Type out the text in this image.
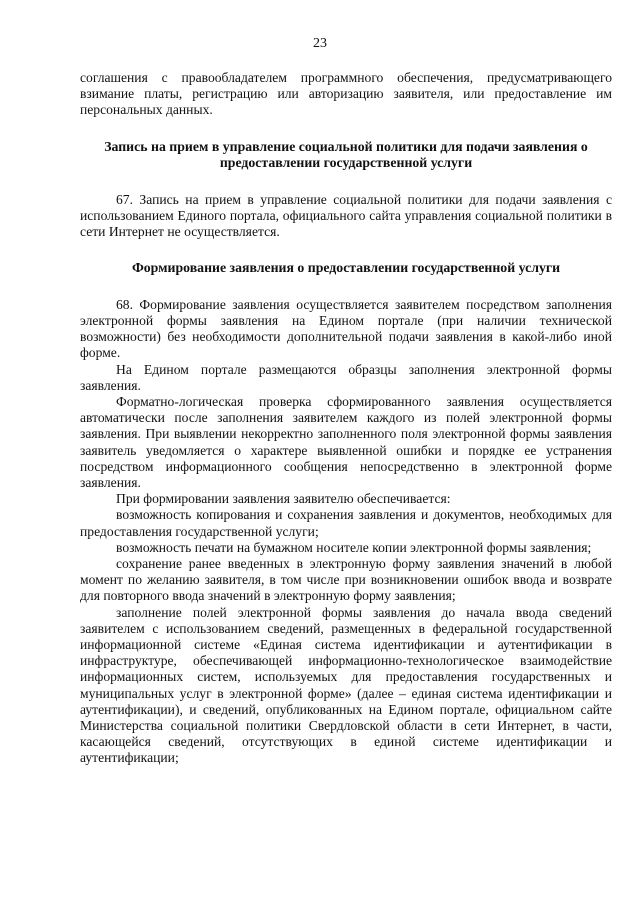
23

соглашения с правообладателем программного обеспечения, предусматривающего взимание платы, регистрацию или авторизацию заявителя, или предоставление им персональных данных.

Запись на прием в управление социальной политики для подачи заявления о предоставлении государственной услуги

67. Запись на прием в управление социальной политики для подачи заявления с использованием Единого портала, официального сайта управления социальной политики в сети Интернет не осуществляется.

Формирование заявления о предоставлении государственной услуги

68. Формирование заявления осуществляется заявителем посредством заполнения электронной формы заявления на Едином портале (при наличии технической возможности) без необходимости дополнительной подачи заявления в какой-либо иной форме.

На Едином портале размещаются образцы заполнения электронной формы заявления.

Форматно-логическая проверка сформированного заявления осуществляется автоматически после заполнения заявителем каждого из полей электронной формы заявления. При выявлении некорректно заполненного поля электронной формы заявления заявитель уведомляется о характере выявленной ошибки и порядке ее устранения посредством информационного сообщения непосредственно в электронной форме заявления.

При формировании заявления заявителю обеспечивается:

возможность копирования и сохранения заявления и документов, необходимых для предоставления государственной услуги;

возможность печати на бумажном носителе копии электронной формы заявления;

сохранение ранее введенных в электронную форму заявления значений в любой момент по желанию заявителя, в том числе при возникновении ошибок ввода и возврате для повторного ввода значений в электронную форму заявления;

заполнение полей электронной формы заявления до начала ввода сведений заявителем с использованием сведений, размещенных в федеральной государственной информационной системе «Единая система идентификации и аутентификации в инфраструктуре, обеспечивающей информационно-технологическое взаимодействие информационных систем, используемых для предоставления государственных и муниципальных услуг в электронной форме» (далее – единая система идентификации и аутентификации), и сведений, опубликованных на Едином портале, официальном сайте Министерства социальной политики Свердловской области в сети Интернет, в части, касающейся сведений, отсутствующих в единой системе идентификации и аутентификации;
